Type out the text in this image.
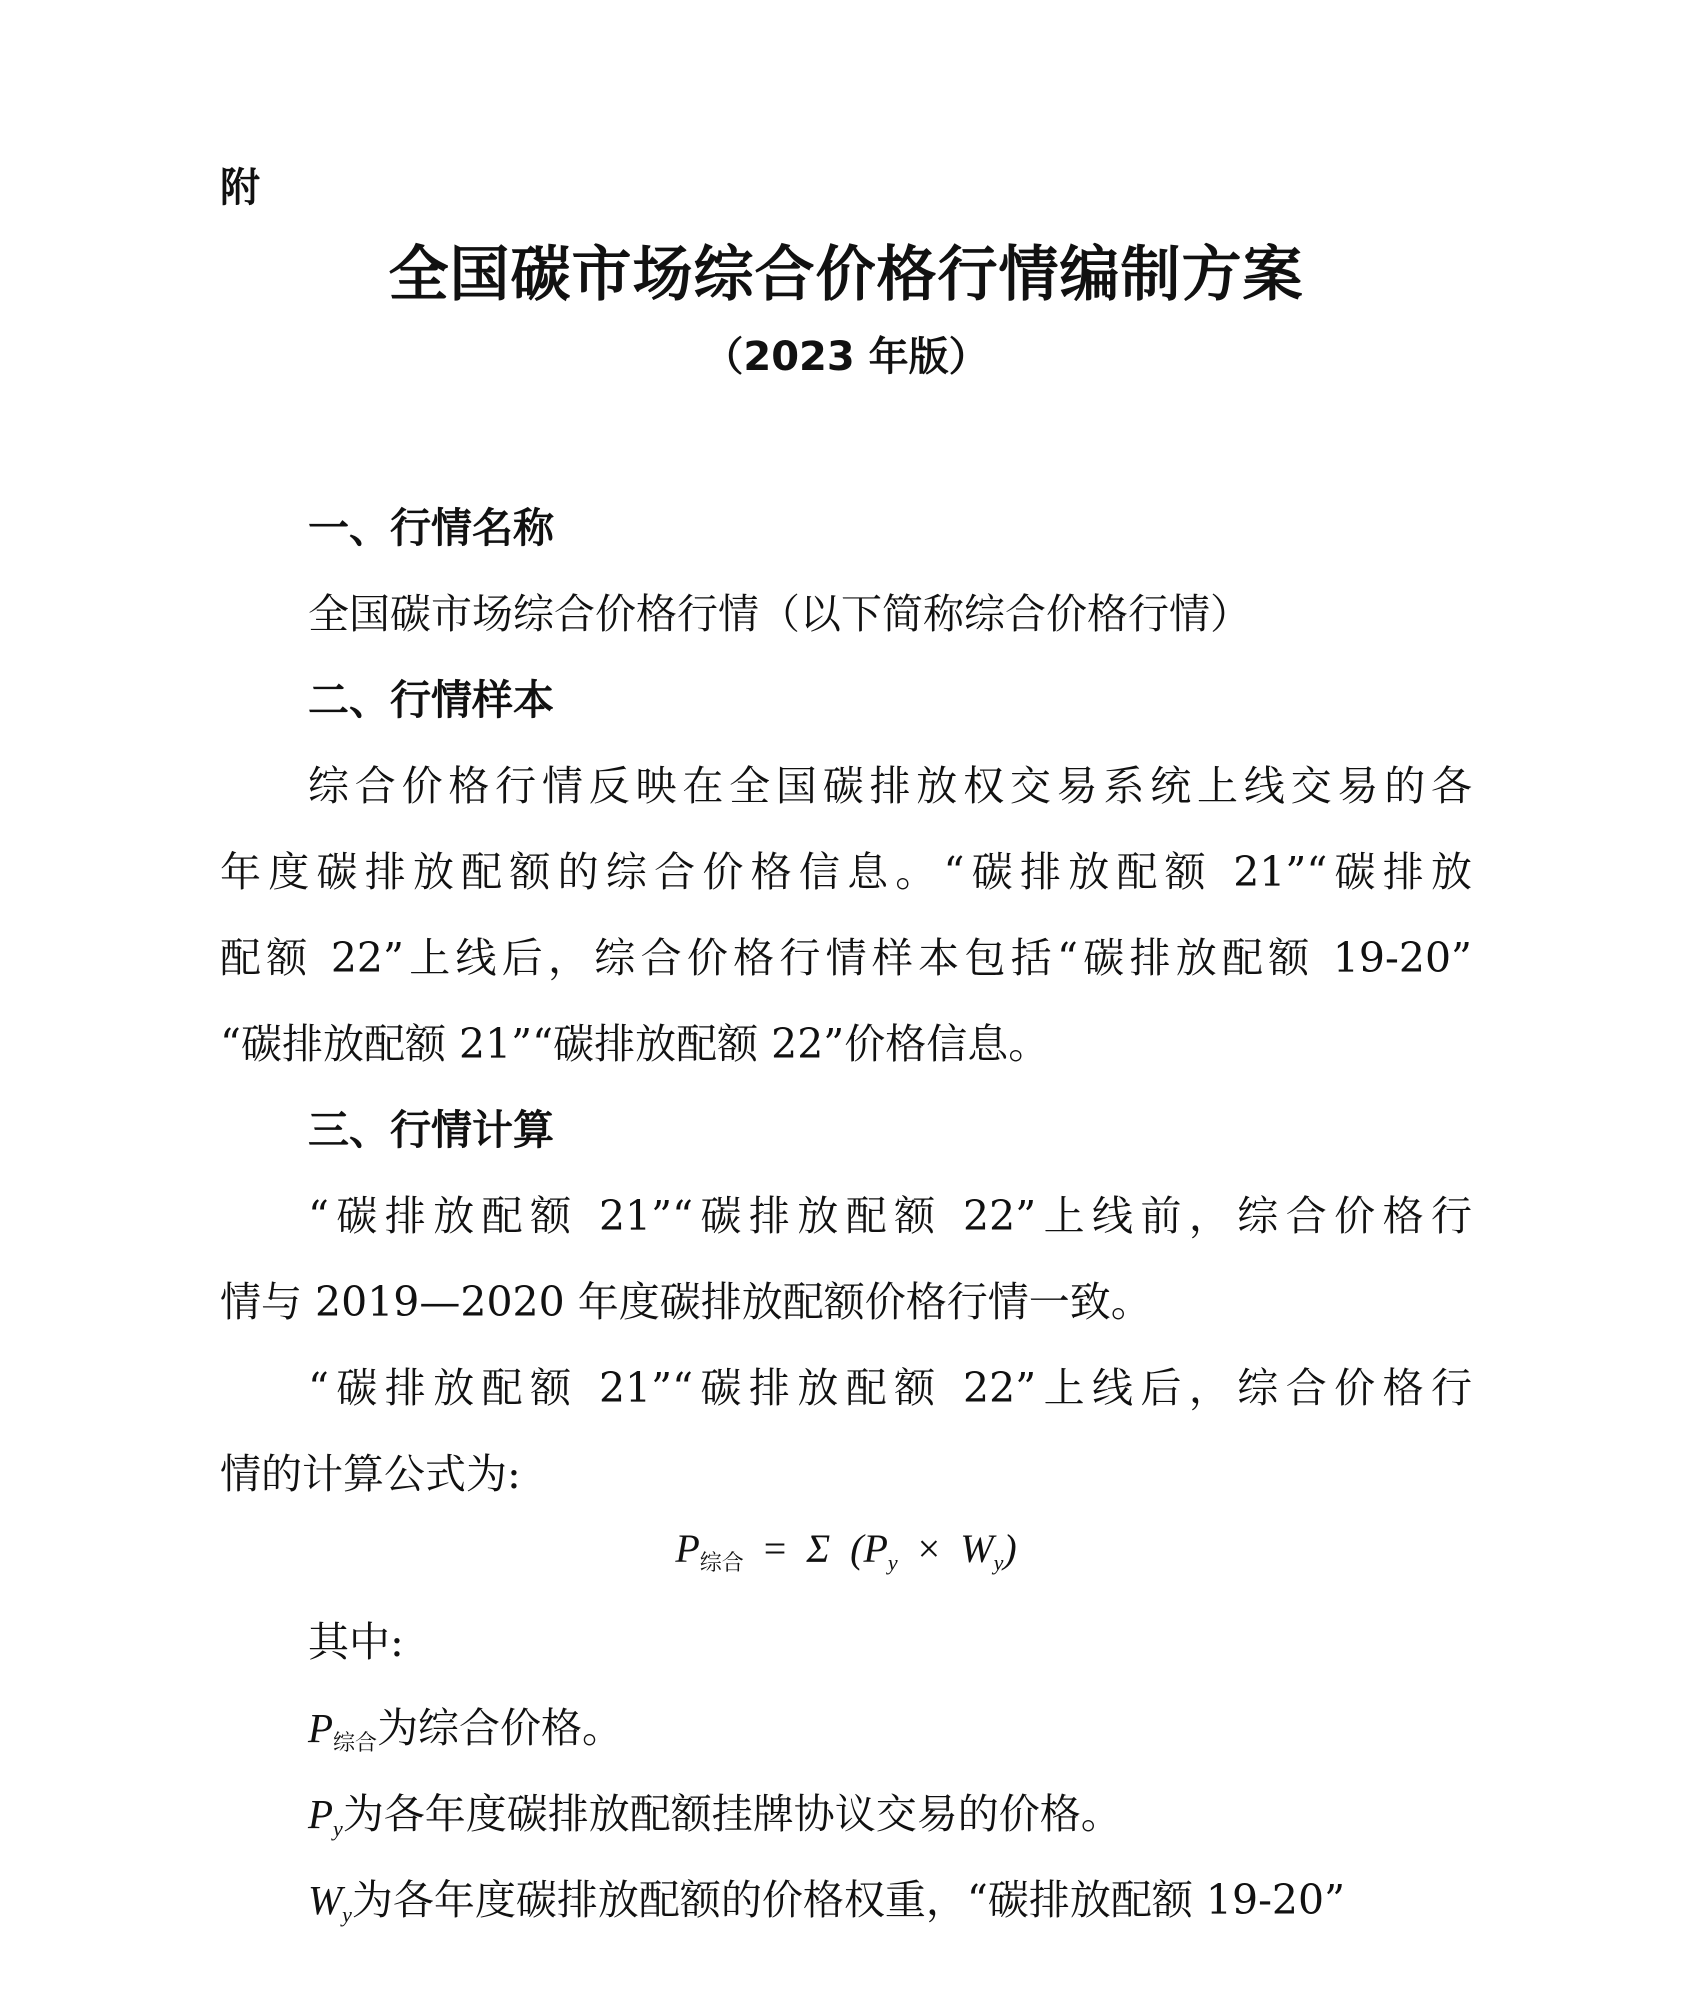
附
全国碳市场综合价格行情编制方案
（2023 年版）
一、行情名称
全国碳市场综合价格行情（以下简称综合价格行情）
二、行情样本
综合价格行情反映在全国碳排放权交易系统上线交易的各
年度碳排放配额的综合价格信息。“碳排放配额 21”“碳排放
配额 22”上线后，综合价格行情样本包括“碳排放配额 19-20”
“碳排放配额 21”“碳排放配额 22”价格信息。
三、行情计算
“碳排放配额 21”“碳排放配额 22”上线前，综合价格行
情与 2019—2020 年度碳排放配额价格行情一致。
“碳排放配额 21”“碳排放配额 22”上线后，综合价格行
情的计算公式为:
$P_{综合} = \Sigma$ $(P_y \times W_y)$
其中:
$P_{综合}$为综合价格。
$P_y$为各年度碳排放配额挂牌协议交易的价格。
$W_y$为各年度碳排放配额的价格权重，“碳排放配额 19-20”
